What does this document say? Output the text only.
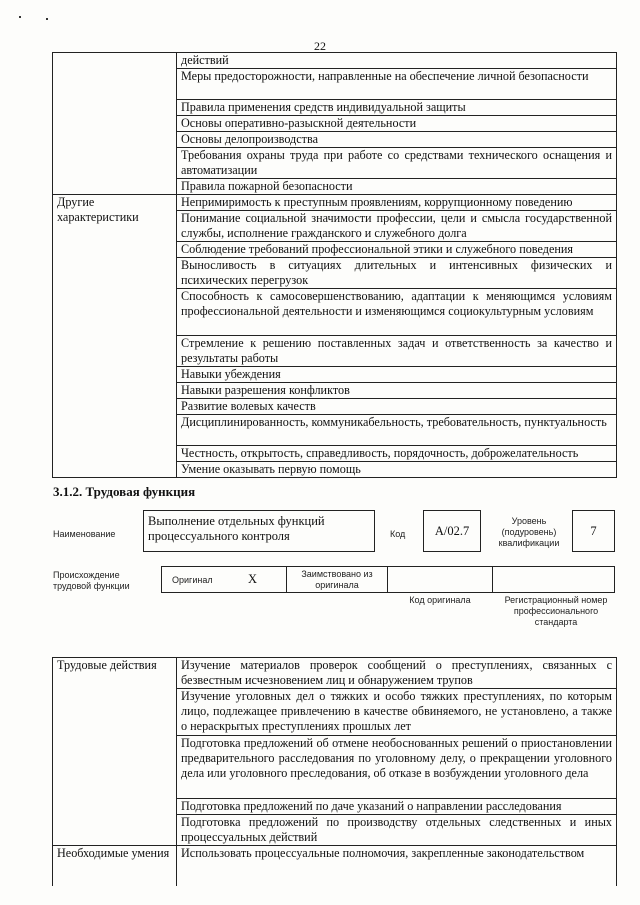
22
	действий
	Меры предосторожности, направленные на обеспечение личной безопасности
	Правила применения средств индивидуальной защиты
	Основы оперативно-разыскной деятельности
	Основы делопроизводства
	Требования охраны труда при работе со средствами технического оснащения и автоматизации
	Правила пожарной безопасности
Другие характеристики	Непримиримость к преступным проявлениям, коррупционному поведению
	Понимание социальной значимости профессии, цели и смысла государственной службы, исполнение гражданского и служебного долга
	Соблюдение требований профессиональной этики и служебного поведения
	Выносливость в ситуациях длительных и интенсивных физических и психических перегрузок
	Способность к самосовершенствованию, адаптации к меняющимся условиям профессиональной деятельности и изменяющимся социокультурным условиям
	Стремление к решению поставленных задач и ответственность за качество и результаты работы
	Навыки убеждения
	Навыки разрешения конфликтов
	Развитие волевых качеств
	Дисциплинированность, коммуникабельность, требовательность, пунктуальность
	Честность, открытость, справедливость, порядочность, доброжелательность
	Умение оказывать первую помощь
3.1.2. Трудовая функция
Наименование
Выполнение отдельных функций процессуального контроля	Код	А/02.7
Уровень (подуровень) квалификации
7
Происхождение трудовой функции
Оригинал	X	Заимствовано из оригинала
Код оригинала	Регистрационный номер профессионального стандарта
Трудовые действия	Изучение материалов проверок сообщений о преступлениях, связанных с безвестным исчезновением лиц и обнаружением трупов
	Изучение уголовных дел о тяжких и особо тяжких преступлениях, по которым лицо, подлежащее привлечению в качестве обвиняемого, не установлено, а также о нераскрытых преступлениях прошлых лет
	Подготовка предложений об отмене необоснованных решений о приостановлении предварительного расследования по уголовному делу, о прекращении уголовного дела или уголовного преследования, об отказе в возбуждении уголовного дела
	Подготовка предложений по даче указаний о направлении расследования
	Подготовка предложений по производству отдельных следственных и иных процессуальных действий
Необходимые умения	Использовать процессуальные полномочия, закрепленные законодательством
